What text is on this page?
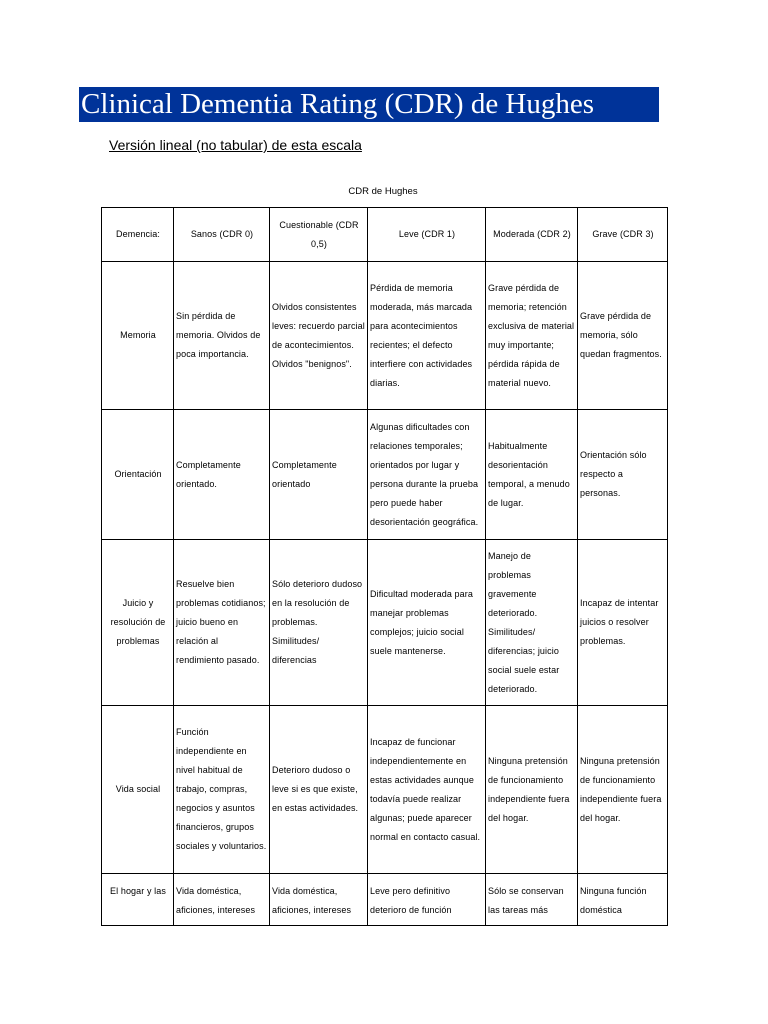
Clinical Dementia Rating (CDR) de Hughes
Versión lineal (no tabular) de esta escala
CDR de Hughes
Demencia:	Sanos (CDR 0)	Cuestionable (CDR 0,5)	Leve (CDR 1)	Moderada (CDR 2)	Grave (CDR 3)
Memoria	Sin pérdida de memoria. Olvidos de poca importancia.	Olvidos consistentes leves: recuerdo parcial de acontecimientos. Olvidos "benignos".	Pérdida de memoria moderada, más marcada para acontecimientos recientes; el defecto interfiere con actividades diarias.	Grave pérdida de memoria; retención exclusiva de material muy importante; pérdida rápida de material nuevo.	Grave pérdida de memoria, sólo quedan fragmentos.
Orientación	Completamente orientado.	Completamente orientado	Algunas dificultades con relaciones temporales; orientados por lugar y persona durante la prueba pero puede haber desorientación geográfica.	Habitualmente desorientación temporal, a menudo de lugar.	Orientación sólo respecto a personas.
Juicio y resolución de problemas	Resuelve bien problemas cotidianos; juicio bueno en relación al rendimiento pasado.	Sólo deterioro dudoso en la resolución de problemas. Similitudes/ diferencias	Dificultad moderada para manejar problemas complejos; juicio social suele mantenerse.	Manejo de problemas gravemente deteriorado. Similitudes/ diferencias; juicio social suele estar deteriorado.	Incapaz de intentar juicios o resolver problemas.
Vida social	Función independiente en nivel habitual de trabajo, compras, negocios y asuntos financieros, grupos sociales y voluntarios.	Deterioro dudoso o leve si es que existe, en estas actividades.	Incapaz de funcionar independientemente en estas actividades aunque todavía puede realizar algunas; puede aparecer normal en contacto casual.	Ninguna pretensión de funcionamiento independiente fuera del hogar.	Ninguna pretensión de funcionamiento independiente fuera del hogar.
El hogar y las	Vida doméstica, aficiones, intereses	Vida doméstica, aficiones, intereses	Leve pero definitivo deterioro de función	Sólo se conservan las tareas más	Ninguna función doméstica
